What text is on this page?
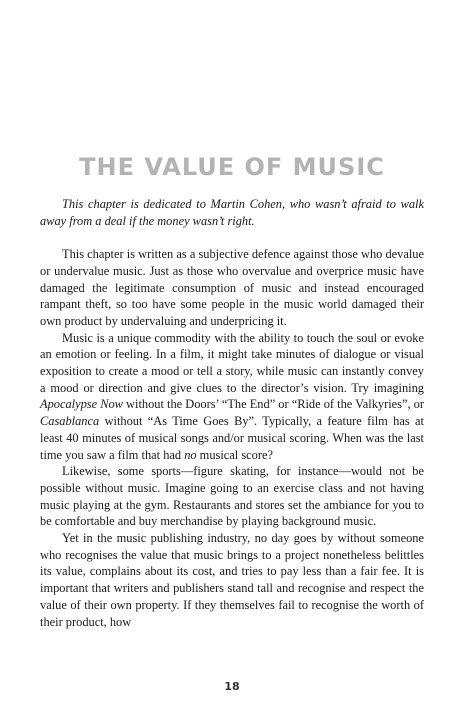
THE VALUE OF MUSIC

This chapter is dedicated to Martin Cohen, who wasn’t afraid to walk away from a deal if the money wasn’t right.

This chapter is written as a subjective defence against those who devalue or undervalue music. Just as those who overvalue and overprice music have damaged the legitimate consumption of music and instead encouraged rampant theft, so too have some people in the music world damaged their own product by undervaluing and underpricing it.

Music is a unique commodity with the ability to touch the soul or evoke an emotion or feeling. In a film, it might take minutes of dialogue or visual exposition to create a mood or tell a story, while music can instantly convey a mood or direction and give clues to the director’s vision. Try imagining Apocalypse Now without the Doors’ “The End” or “Ride of the Valkyries”, or Casablanca without “As Time Goes By”. Typically, a feature film has at least 40 minutes of musical songs and/or musical scoring. When was the last time you saw a film that had no musical score?

Likewise, some sports—figure skating, for instance—would not be possible without music. Imagine going to an exercise class and not having music playing at the gym. Restaurants and stores set the ambiance for you to be comfortable and buy merchandise by playing background music.

Yet in the music publishing industry, no day goes by without someone who recognises the value that music brings to a project nonetheless belittles its value, complains about its cost, and tries to pay less than a fair fee. It is important that writers and publishers stand tall and recognise and respect the value of their own property. If they themselves fail to recognise the worth of their product, how

18
